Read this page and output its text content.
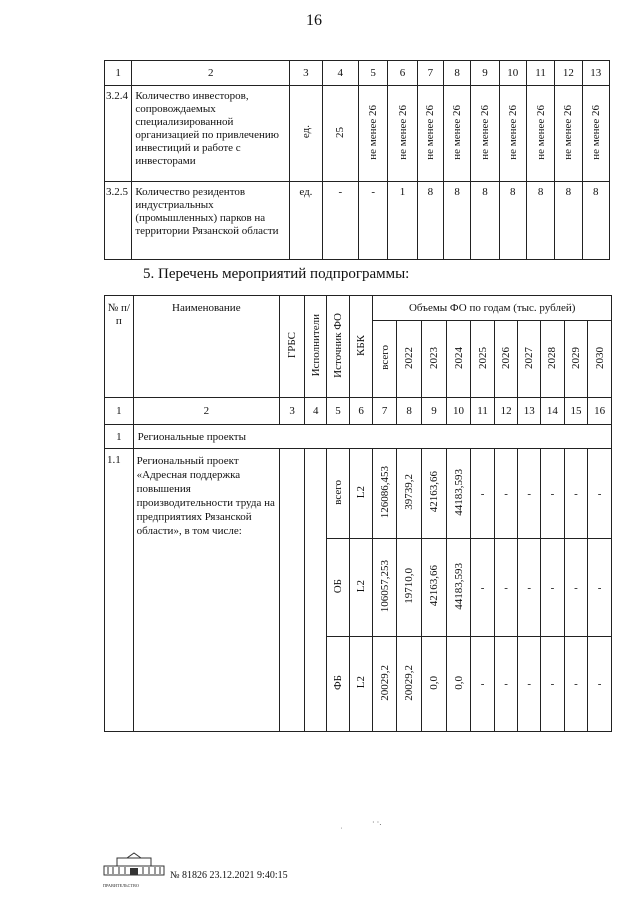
16
1	2	3	4	5	6	7	8	9	10	11	12	13
3.2.4	Количество инвесторов, сопровождаемых специализированной организацией по привлечению инвестиций и работе с инвесторами	ед.	25	не менее 26	не менее 26	не менее 26	не менее 26	не менее 26	не менее 26	не менее 26	не менее 26	не менее 26
3.2.5	Количество резидентов индустриальных (промышленных) парков на территории Рязанской области	ед.	-	-	1	8	8	8	8	8	8	8
5. Перечень мероприятий подпрограммы:
№ п/п	Наименование	ГРБС	Исполнители	Источник ФО	КБК	Объемы ФО по годам (тыс. рублей)									
						всего	2022	2023	2024	2025	2026	2027	2028	2029	2030
1	2	3	4	5	6	7	8	9	10	11	12	13	14	15	16
1	Региональные проекты														
1.1	Региональный проект «Адресная поддержка повышения производительности труда на предприятиях Рязанской области», в том числе:			всего	L2	126086,453	39739,2	42163,66	44183,593	-	-	-	-	-	-
				ОБ	L2	106057,253	19710,0	42163,66	44183,593	-	-	-	-	-	-
				ФБ	L2	20029,2	20029,2	0,0	0,0	-	-	-	-	-	-
· ·.
˙
ПРАВИТЕЛЬСТВО
№ 81826 23.12.2021 9:40:15
